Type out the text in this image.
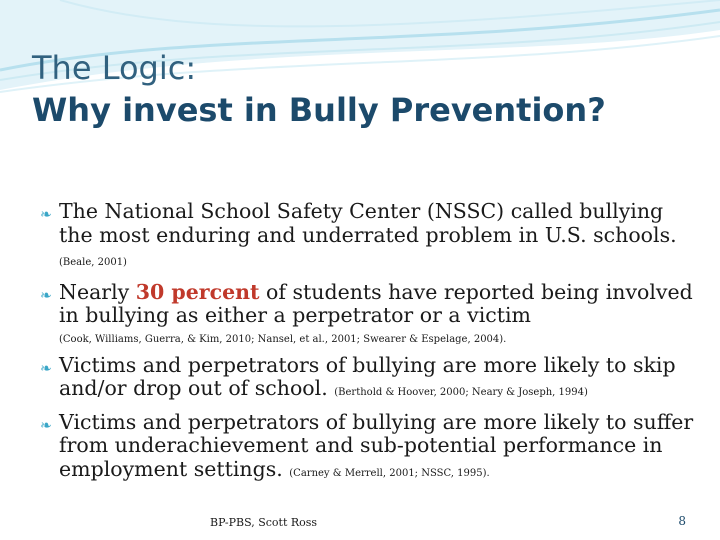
The Logic:
Why invest in Bully Prevention?
❧ The National School Safety Center (NSSC) called bullying the most enduring and underrated problem in U.S. schools. (Beale, 2001)
❧ Nearly 30 percent of students have reported being involved in bullying as either a perpetrator or a victim
(Cook, Williams, Guerra, & Kim, 2010; Nansel, et al., 2001; Swearer & Espelage, 2004).
❧ Victims and perpetrators of bullying are more likely to skip and/or drop out of school. (Berthold & Hoover, 2000; Neary & Joseph, 1994)
❧ Victims and perpetrators of bullying are more likely to suffer from underachievement and sub-potential performance in employment settings. (Carney & Merrell, 2001; NSSC, 1995).
BP-PBS, Scott Ross	8
